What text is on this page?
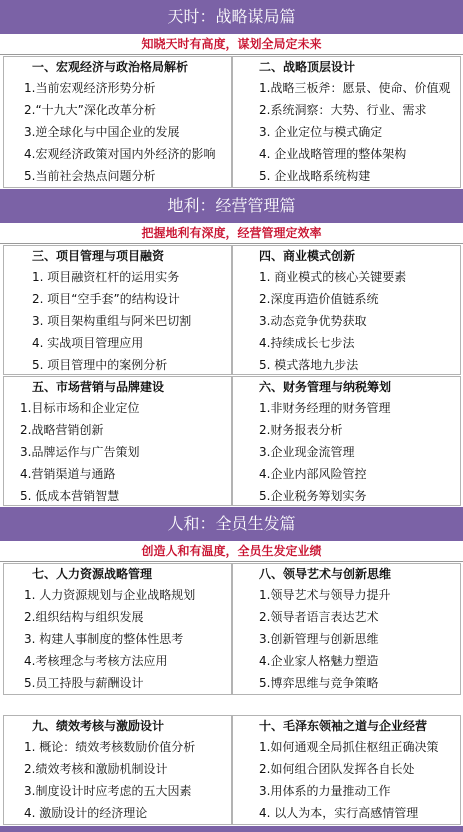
天时：战略谋局篇
知晓天时有高度，谋划全局定未来
一、宏观经济与政治格局解析
1.当前宏观经济形势分析
2.“十九大”深化改革分析
3.逆全球化与中国企业的发展
4.宏观经济政策对国内外经济的影响
5.当前社会热点问题分析
二、战略顶层设计
1.战略三板斧：愿景、使命、价值观
2.系统洞察：大势、行业、需求
3. 企业定位与模式确定
4. 企业战略管理的整体架构
5. 企业战略系统构建
地利：经营管理篇
把握地利有深度，经营管理定效率
三、项目管理与项目融资
1. 项目融资杠杆的运用实务
2. 项目“空手套”的结构设计
3. 项目架构重组与阿米巴切割
4. 实战项目管理应用
5. 项目管理中的案例分析
四、商业模式创新
1. 商业模式的核心关键要素
2.深度再造价值链系统
3.动态竞争优势获取
4.持续成长七步法
5. 模式落地九步法
五、市场营销与品牌建设
1.目标市场和企业定位
2.战略营销创新
3.品牌运作与广告策划
4.营销渠道与通路
5. 低成本营销智慧
六、财务管理与纳税筹划
1.非财务经理的财务管理
2.财务报表分析
3.企业现金流管理
4.企业内部风险管控
5.企业税务筹划实务
人和：全员生发篇
创造人和有温度，全员生发定业绩
七、人力资源战略管理
1. 人力资源规划与企业战略规划
2.组织结构与组织发展
3. 构建人事制度的整体性思考
4.考核理念与考核方法应用
5.员工持股与薪酬设计
八、领导艺术与创新思维
1.领导艺术与领导力提升
2.领导者语言表达艺术
3.创新管理与创新思维
4.企业家人格魅力塑造
5.博弈思维与竞争策略
九、绩效考核与激励设计
1. 概论：绩效考核数励价值分析
2.绩效考核和激励机制设计
3.制度设计时应考虑的五大因素
4. 激励设计的经济理论
十、毛泽东领袖之道与企业经营
1.如何通观全局抓住枢纽正确决策
2.如何组合团队发挥各自长处
3.用体系的力量推动工作
4. 以人为本，实行高感情管理
